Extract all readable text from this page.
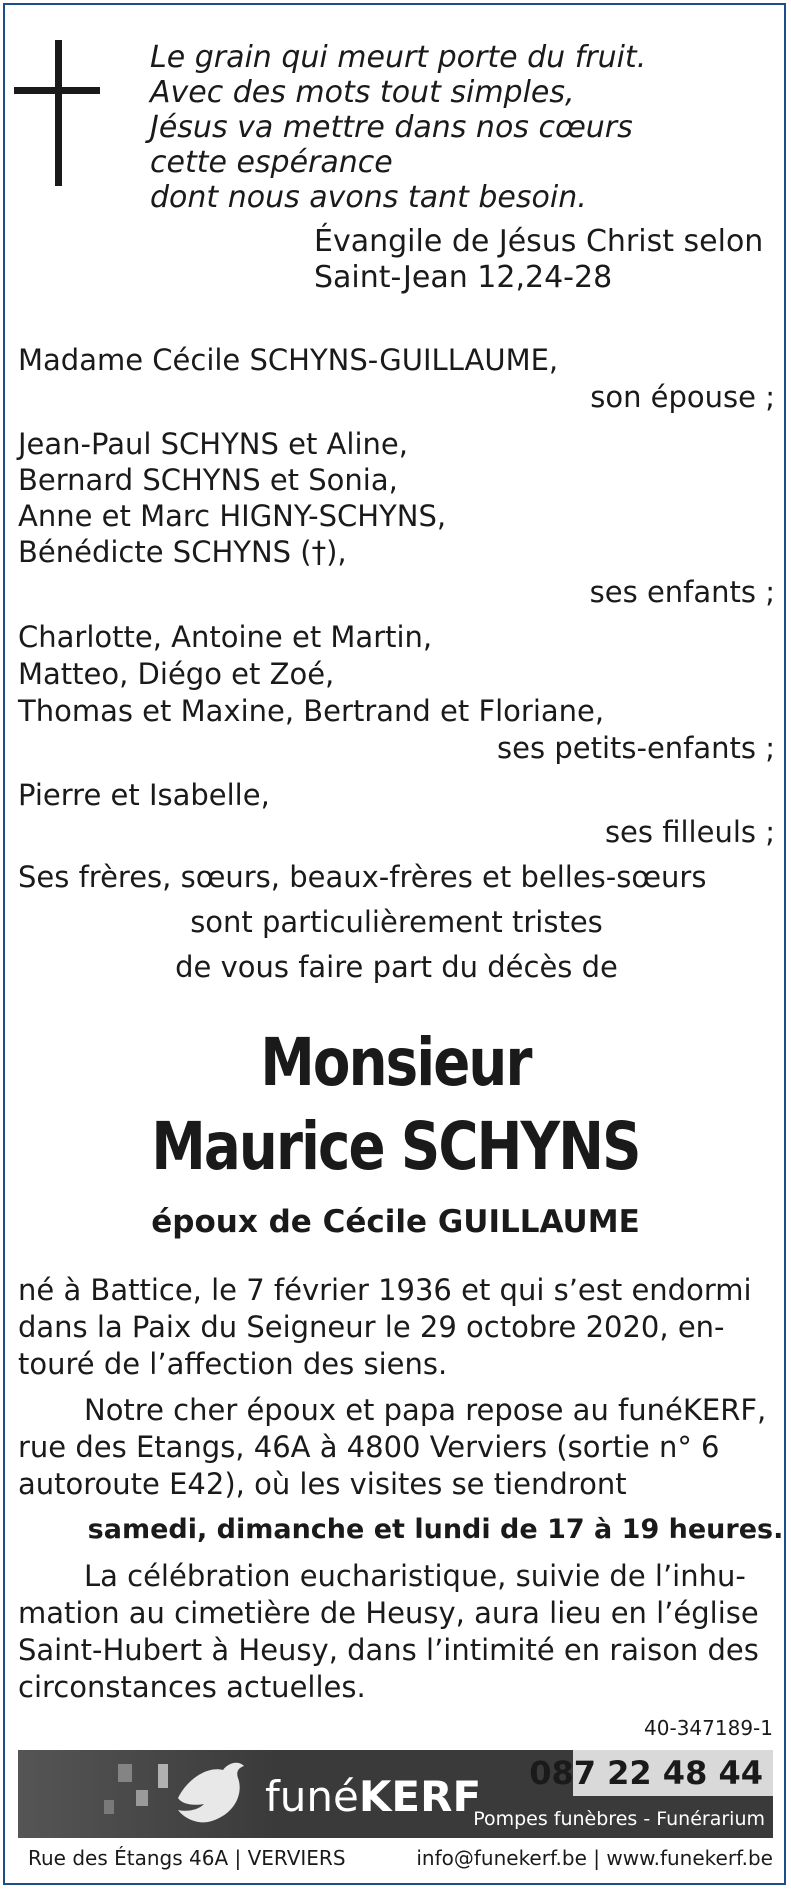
Le grain qui meurt porte du fruit.
Avec des mots tout simples,
Jésus va mettre dans nos cœurs
cette espérance
dont nous avons tant besoin.
Évangile de Jésus Christ selon
Saint-Jean 12,24-28
Madame Cécile SCHYNS-GUILLAUME,
son épouse ;
Jean-Paul SCHYNS et Aline,
Bernard SCHYNS et Sonia,
Anne et Marc HIGNY-SCHYNS,
Bénédicte SCHYNS (†),
ses enfants ;
Charlotte, Antoine et Martin,
Matteo, Diégo et Zoé,
Thomas et Maxine, Bertrand et Floriane,
ses petits-enfants ;
Pierre et Isabelle,
ses filleuls ;
Ses frères, sœurs, beaux-frères et belles-sœurs
sont particulièrement tristes
de vous faire part du décès de
Monsieur
Maurice SCHYNS
époux de Cécile GUILLAUME
né à Battice, le 7 février 1936 et qui s’est endormi
dans la Paix du Seigneur le 29 octobre 2020, en-
touré de l’affection des siens.
Notre cher époux et papa repose au funéKERF,
rue des Etangs, 46A à 4800 Verviers (sortie n° 6
autoroute E42), où les visites se tiendront
samedi, dimanche et lundi de 17 à 19 heures.
La célébration eucharistique, suivie de l’inhu-
mation au cimetière de Heusy, aura lieu en l’église
Saint-Hubert à Heusy, dans l’intimité en raison des
circonstances actuelles.
40-347189-1
funéKERF 087 22 48 44
Pompes funèbres - Funérarium
Rue des Étangs 46A | VERVIERS	info@funekerf.be | www.funekerf.be
